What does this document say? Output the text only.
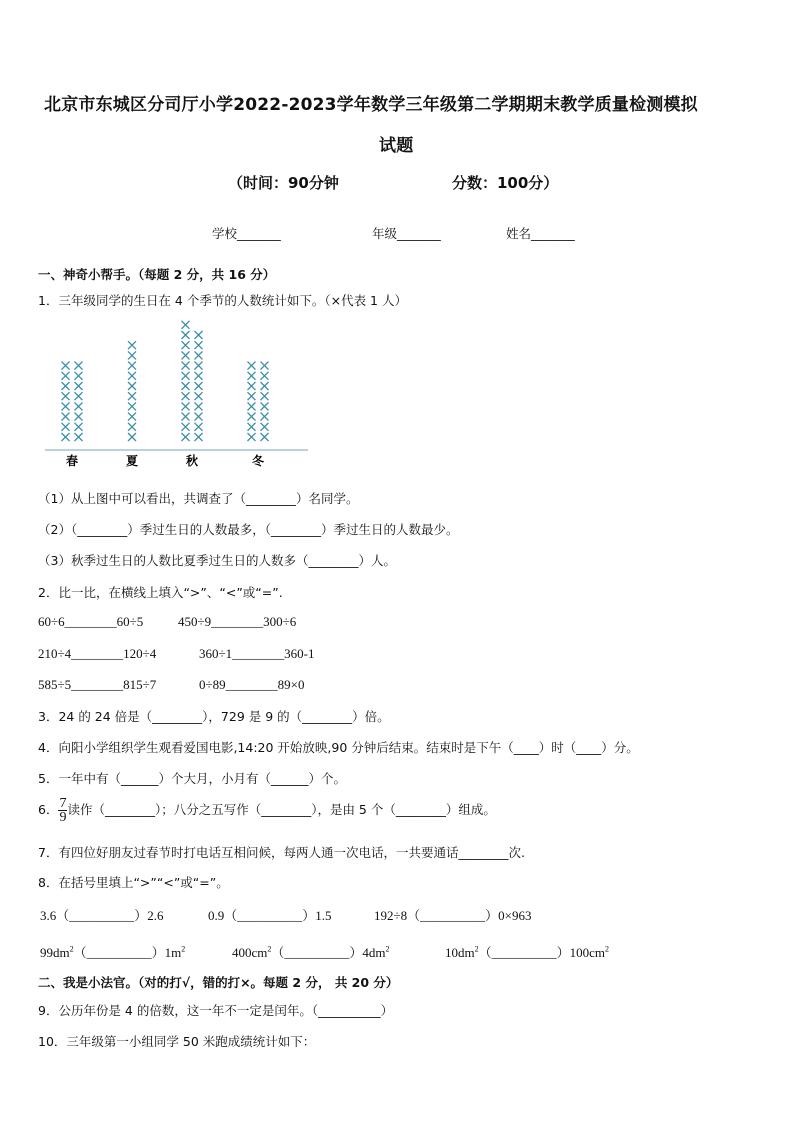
北京市东城区分司厅小学2022-2023学年数学三年级第二学期期末教学质量检测模拟
试题
（时间：90分钟	分数：100分）
学校_______	年级_______	姓名_______
一、神奇小帮手。（每题 2 分，共 16 分）
1．三年级同学的生日在 4 个季节的人数统计如下。（×代表 1 人）
春	夏	秋	冬
（1）从上图中可以看出，共调查了（________）名同学。
（2）（________）季过生日的人数最多，（________）季过生日的人数最少。
（3）秋季过生日的人数比夏季过生日的人数多（________）人。
2．比一比，在横线上填入“>”、“<”或“=”.
60÷6________60÷5	450÷9________300÷6
210÷4________120÷4	360÷1________360-1
585÷5________815÷7	0÷89________89×0
3．24 的 24 倍是（________），729 是 9 的（________）倍。
4．向阳小学组织学生观看爱国电影,14:20 开始放映,90 分钟后结束。结束时是下午（____）时（____）分。
5．一年中有（______）个大月，小月有（______）个。
6． $\frac{7}{9}$ 读作（________）；八分之五写作（________），是由 5 个（________）组成。
7．有四位好朋友过春节时打电话互相问候，每两人通一次电话，一共要通话________次.
8．在括号里填上“>”“<”或“=”。
3.6（__________）2.6	0.9（__________）1.5	192÷8（__________）0×963
$99dm^2(\_\_\_\_\_\_\_\_\_\_)1m^2$	$400cm^2(\_\_\_\_\_\_\_\_\_\_)4dm^2$	$10dm^2(\_\_\_\_\_\_\_\_\_\_)100cm^2$
二、我是小法官。（对的打√，错的打×。每题 2 分， 共 20 分）
9．公历年份是 4 的倍数，这一年不一定是闰年。（__________）
10．三年级第一小组同学 50 米跑成绩统计如下：
